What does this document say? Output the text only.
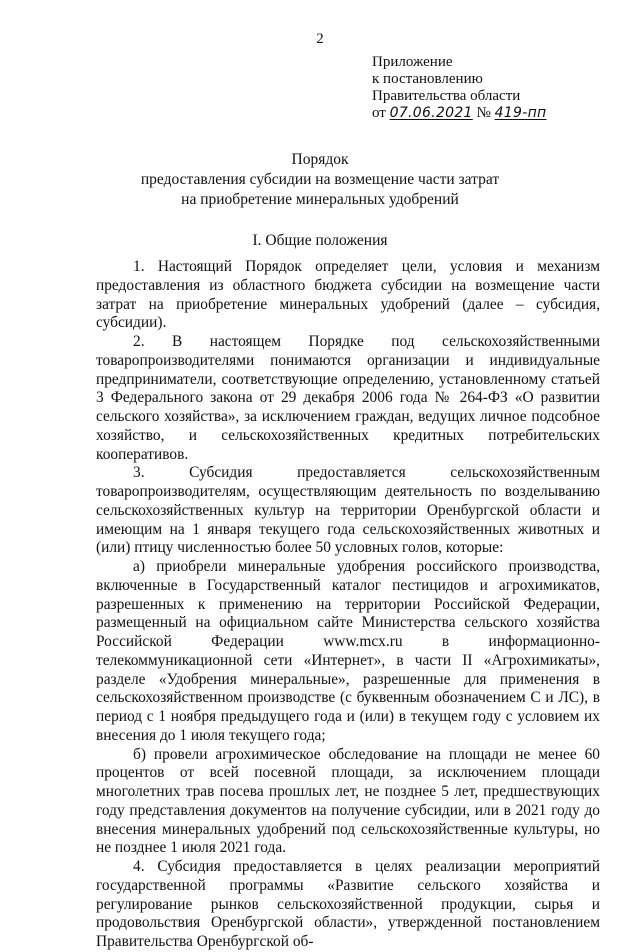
2
Приложение
к постановлению
Правительства области
от 07.06.2021 № 419-пп
Порядок
предоставления субсидии на возмещение части затрат
на приобретение минеральных удобрений
I. Общие положения

1. Настоящий Порядок определяет цели, условия и механизм предоставления из областного бюджета субсидии на возмещение части затрат на приобретение минеральных удобрений (далее – субсидия, субсидии).

2. В настоящем Порядке под сельскохозяйственными товаропроизводителями понимаются организации и индивидуальные предприниматели, соответствующие определению, установленному статьей 3 Федерального закона от 29 декабря 2006 года № 264-ФЗ «О развитии сельского хозяйства», за исключением граждан, ведущих личное подсобное хозяйство, и сельскохозяйственных кредитных потребительских кооперативов.

3. Субсидия предоставляется сельскохозяйственным товаропроизводителям, осуществляющим деятельность по возделыванию сельскохозяйственных культур на территории Оренбургской области и имеющим на 1 января текущего года сельскохозяйственных животных и (или) птицу численностью более 50 условных голов, которые:

а) приобрели минеральные удобрения российского производства, включенные в Государственный каталог пестицидов и агрохимикатов, разрешенных к применению на территории Российской Федерации, размещенный на официальном сайте Министерства сельского хозяйства Российской Федерации www.mcx.ru в информационно-телекоммуникационной сети «Интернет», в части II «Агрохимикаты», разделе «Удобрения минеральные», разрешенные для применения в сельскохозяйственном производстве (с буквенным обозначением С и ЛС), в период с 1 ноября предыдущего года и (или) в текущем году с условием их внесения до 1 июля текущего года;

б) провели агрохимическое обследование на площади не менее 60 процентов от всей посевной площади, за исключением площади многолетних трав посева прошлых лет, не позднее 5 лет, предшествующих году представления документов на получение субсидии, или в 2021 году до внесения минеральных удобрений под сельскохозяйственные культуры, но не позднее 1 июля 2021 года.

4. Субсидия предоставляется в целях реализации мероприятий государственной программы «Развитие сельского хозяйства и регулирование рынков сельскохозяйственной продукции, сырья и продовольствия Оренбургской области», утвержденной постановлением Правительства Оренбургской об-
